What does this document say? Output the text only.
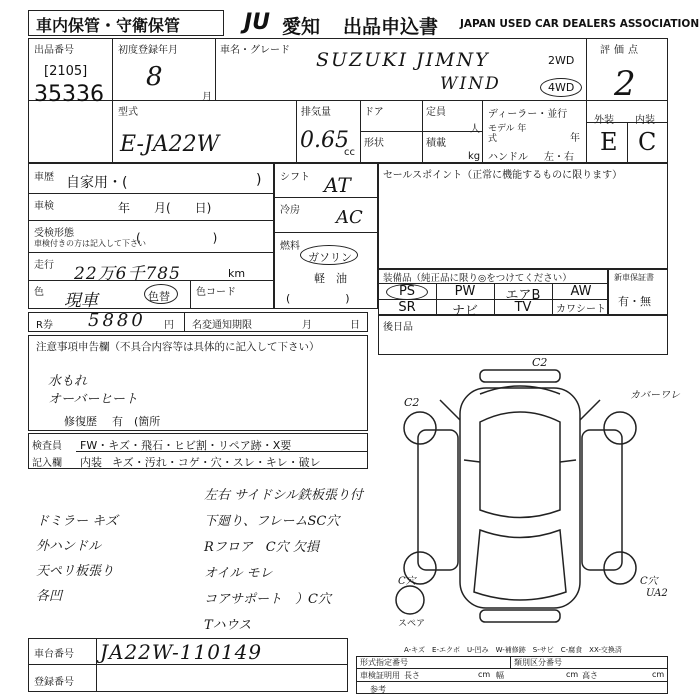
車内保管・守衛保管	JU 愛知 出品申込書 JAPAN USED CAR DEALERS ASSOCIATION
出品番号
[2105]
35336
初度登録年月
8
月
車名・グレード SUZUKI JIMNY
WIND
2WD
4WD
評価点
2
外装 内装
E C
型式
E-JA22W
排気量
0.65
cc
ドア
形状
定員
人
積載
kg
ディーラー・並行
モデル 年式	年
ハンドル 左・右
車歴 自家用・(	)
車検	年　　月(　　日)
受検形態
車検付きの方は記入して下さい
(　　　　　　)
走行 22万6千785	km
色 現車	色替	色コード
シフト AT
冷房 AC
燃料
ガソリン
軽　油
(　　　　　)
セールスポイント（正常に機能するものに限ります）
装備品（純正品に限り◎をつけてください）
PS	PW	エアB	AW
SR	ナビ	TV	カワシート
新車保証書
有・無
R券 5880 円 名変通知期限	月	日 後日品
注意事項申告欄（不具合内容等は具体的に記入して下さい）
水もれ
オーバーヒート
修復歴 有　(箇所
検査員
記入欄
FW・キズ・飛石・ヒビ割・リペア跡・X要
内装 キズ・汚れ・コゲ・穴・スレ・キレ・破レ
ドミラー キズ
外ハンドル
天ペリ板張り
各凹
左右 サイドシル鉄板張り付
下廻り、フレームSC穴
Rフロア　C穴 欠損
オイル モレ
コアサポート　）C穴
Tハウス
C2
C2
カバーワレ
C穴	C穴
UA2
スペア
車台番号 JA22W-110149
登録番号
A-キズ　E-エクボ　U-凹み　W-補修跡　S-サビ　C-腐食　XX-交換済
形式指定番号	類別区分番号
車検証明用 長さ	cm 幅	cm 高さ	cm
参考
